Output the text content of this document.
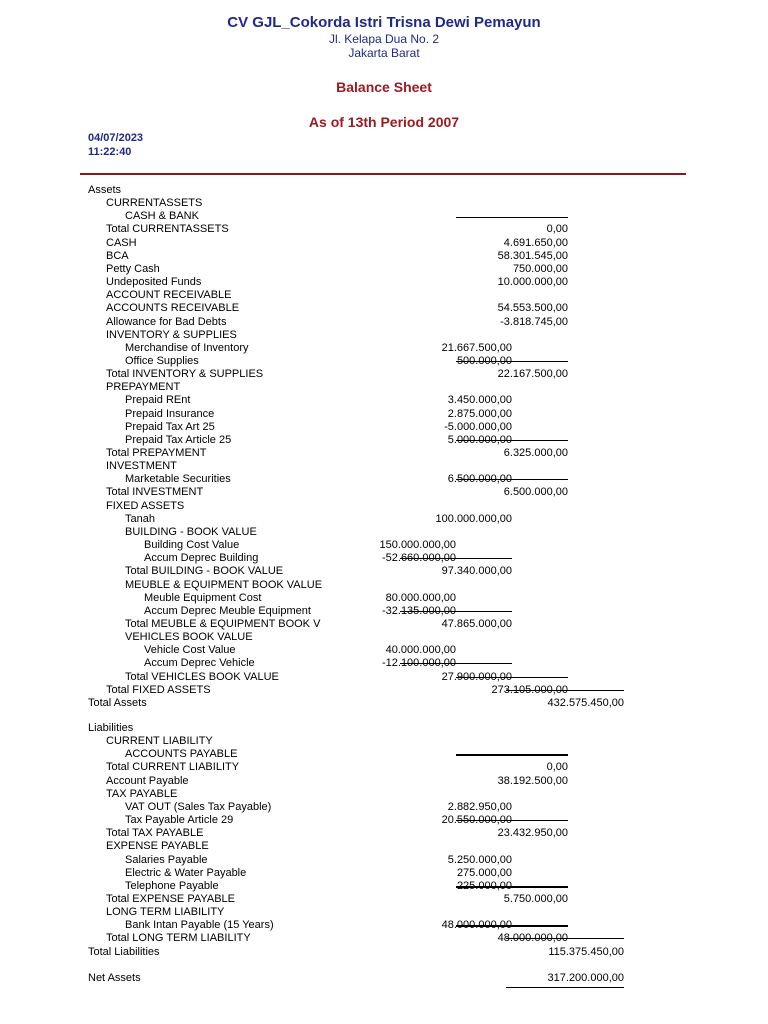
CV GJL_Cokorda Istri Trisna Dewi Pemayun
Jl. Kelapa Dua No. 2
Jakarta Barat
Balance Sheet
As of 13th Period 2007
04/07/2023
11:22:40
Assets
CURRENTASSETS
CASH & BANK
Total CURRENTASSETS	0,00
CASH	4.691.650,00
BCA	58.301.545,00
Petty Cash	750.000,00
Undeposited Funds	10.000.000,00
ACCOUNT RECEIVABLE
ACCOUNTS RECEIVABLE	54.553.500,00
Allowance for Bad Debts	-3.818.745,00
INVENTORY & SUPPLIES
Merchandise of Inventory	21.667.500,00
Office Supplies	500.000,00
Total INVENTORY & SUPPLIES	22.167.500,00
PREPAYMENT
Prepaid REnt	3.450.000,00
Prepaid Insurance	2.875.000,00
Prepaid Tax Art 25	-5.000.000,00
Prepaid Tax Article 25	5.000.000,00
Total PREPAYMENT	6.325.000,00
INVESTMENT
Marketable Securities	6.500.000,00
Total INVESTMENT	6.500.000,00
FIXED ASSETS
Tanah	100.000.000,00
BUILDING - BOOK VALUE
Building Cost Value	150.000.000,00
Accum Deprec Building	-52.660.000,00
Total BUILDING - BOOK VALUE	97.340.000,00
MEUBLE & EQUIPMENT BOOK VALUE
Meuble Equipment Cost	80.000.000,00
Accum Deprec Meuble Equipment	-32.135.000,00
Total MEUBLE & EQUIPMENT BOOK V	47.865.000,00
VEHICLES BOOK VALUE
Vehicle Cost Value	40.000.000,00
Accum Deprec Vehicle	-12.100.000,00
Total VEHICLES BOOK VALUE	27.900.000,00
Total FIXED ASSETS	273.105.000,00
Total Assets	432.575.450,00
Liabilities
CURRENT LIABILITY
ACCOUNTS PAYABLE
Total CURRENT LIABILITY	0,00
Account Payable	38.192.500,00
TAX PAYABLE
VAT OUT (Sales Tax Payable)	2.882.950,00
Tax Payable Article 29	20.550.000,00
Total TAX PAYABLE	23.432.950,00
EXPENSE PAYABLE
Salaries Payable	5.250.000,00
Electric & Water Payable	275.000,00
Telephone Payable	225.000,00
Total EXPENSE PAYABLE	5.750.000,00
LONG TERM LIABILITY
Bank Intan Payable (15 Years)	48.000.000,00
Total LONG TERM LIABILITY	48.000.000,00
Total Liabilities	115.375.450,00
Net Assets	317.200.000,00
